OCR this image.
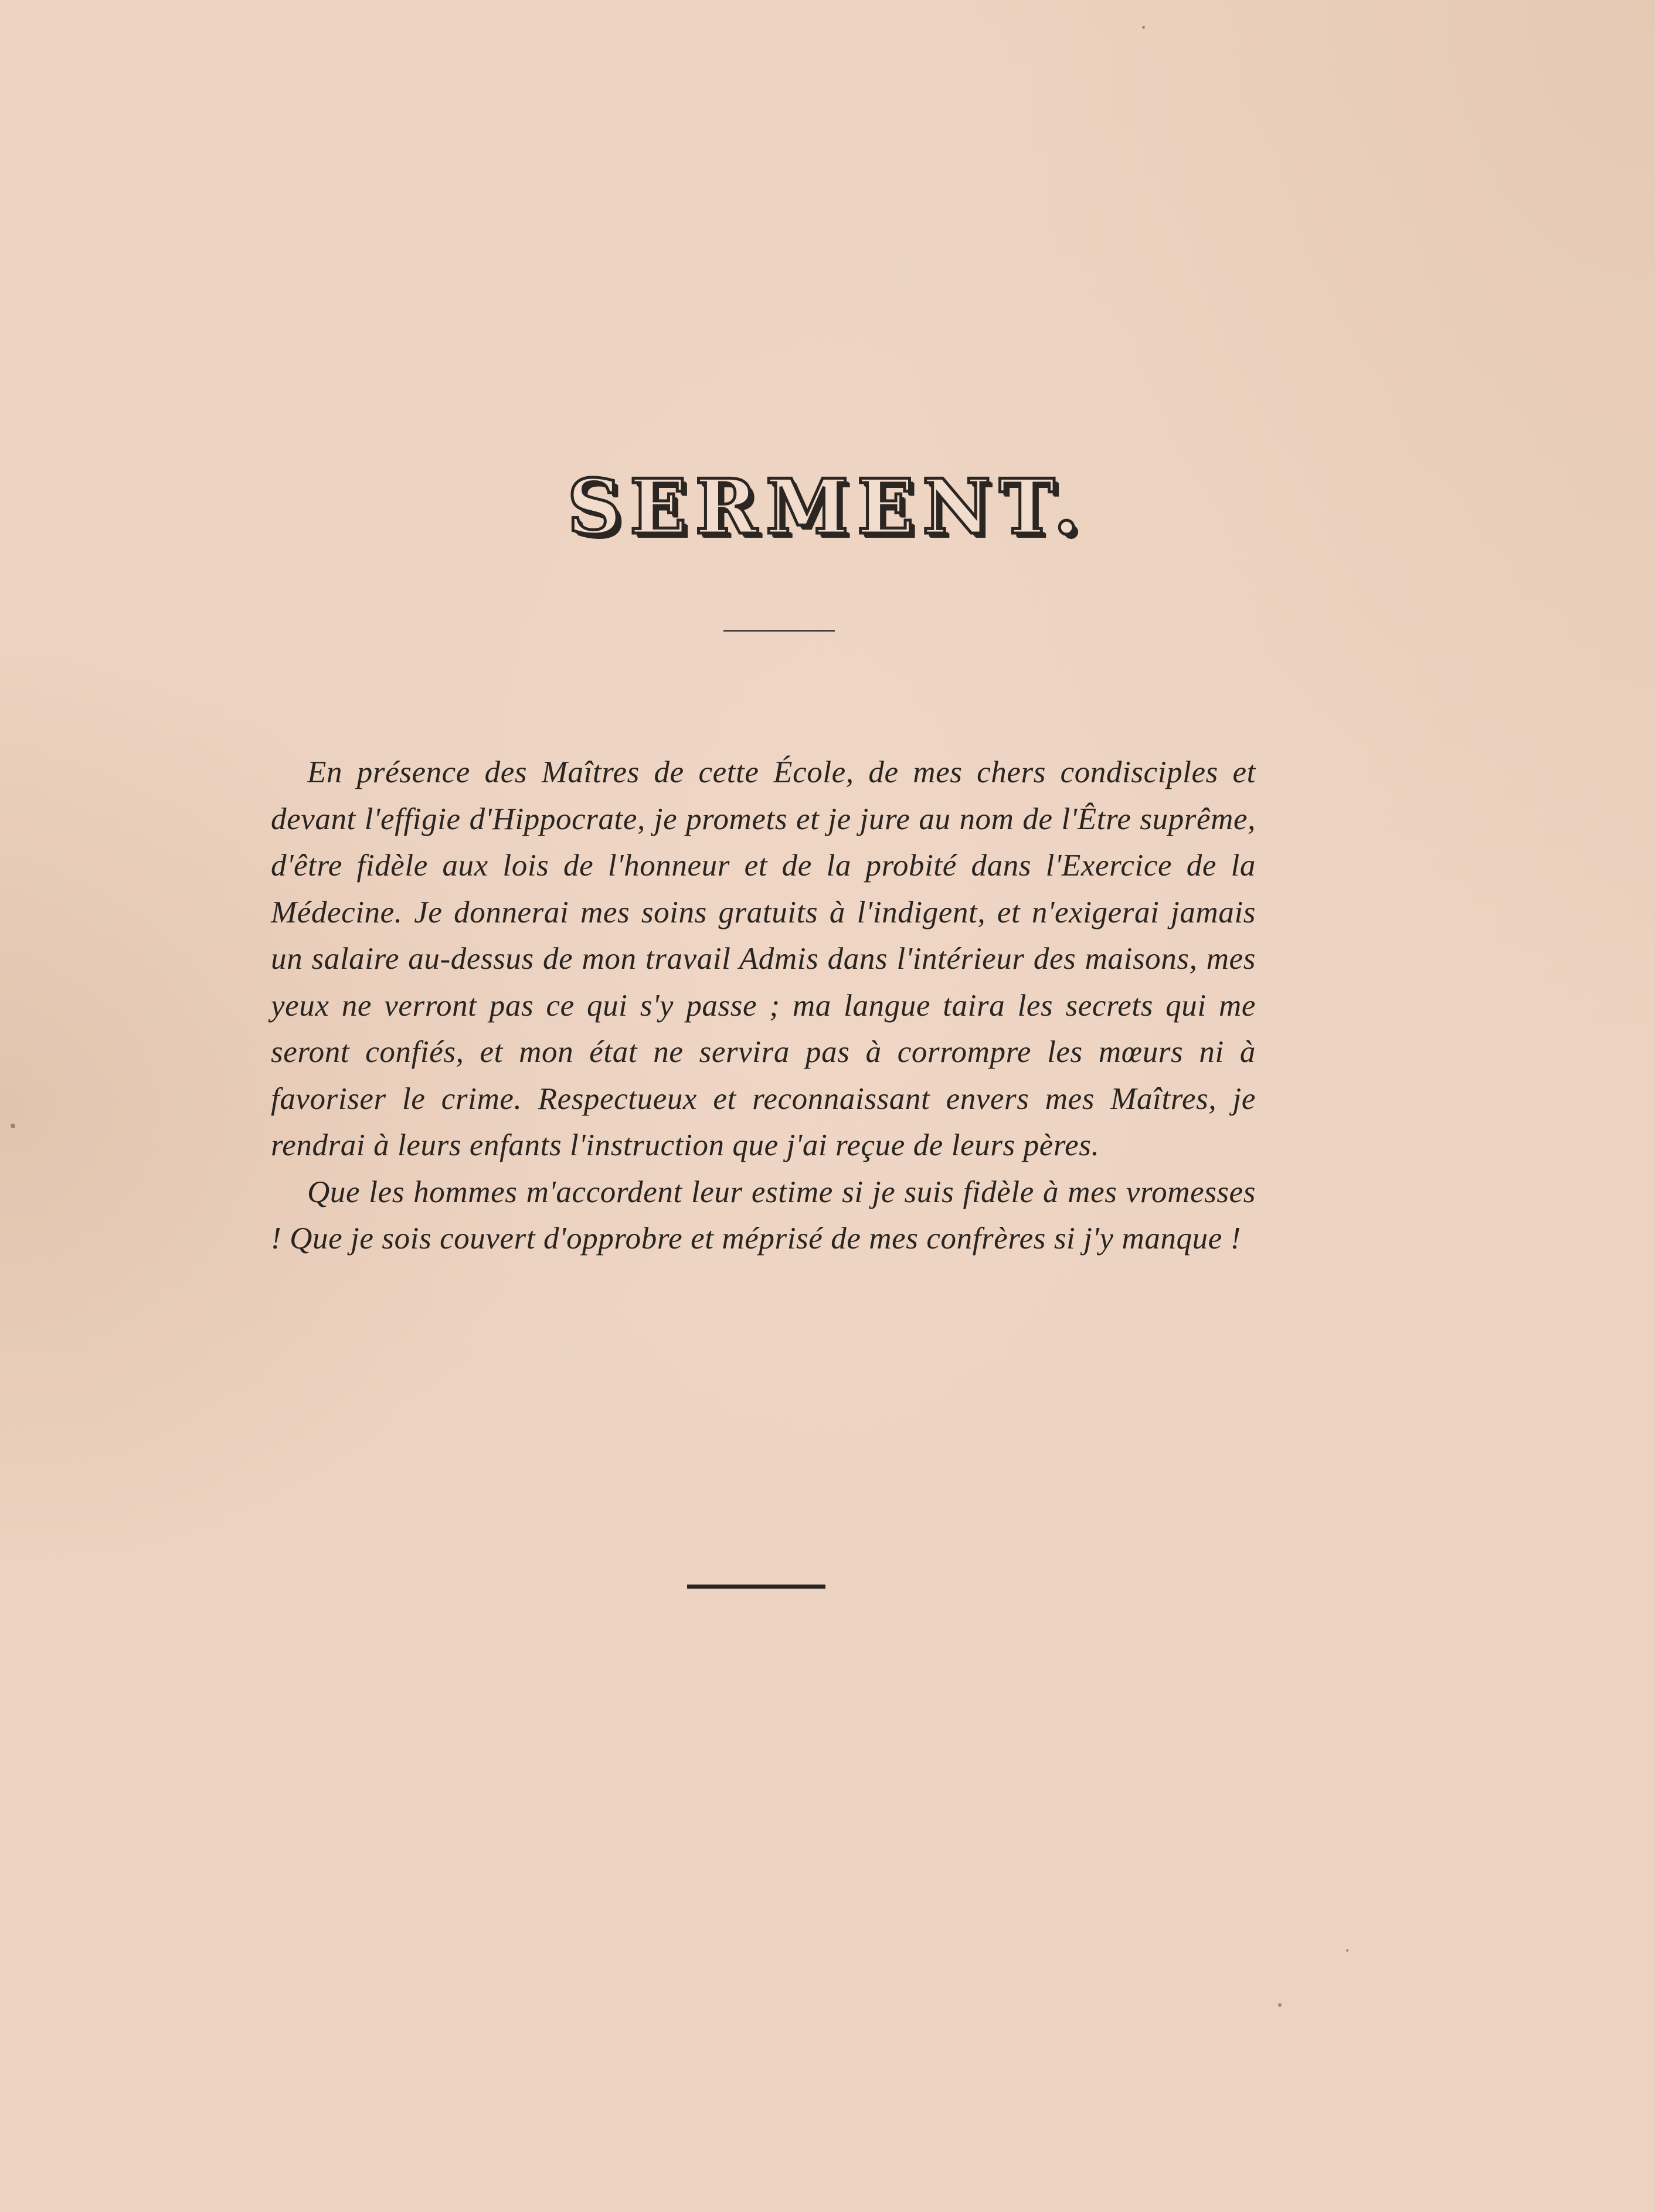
SERMENT.

En présence des Maîtres de cette École, de mes chers condisciples et devant l'effigie d'Hippocrate, je promets et je jure au nom de l'Être suprême, d'être fidèle aux lois de l'honneur et de la probité dans l'Exercice de la Médecine. Je donnerai mes soins gratuits à l'indigent, et n'exigerai jamais un salaire au-dessus de mon travail Admis dans l'intérieur des maisons, mes yeux ne verront pas ce qui s'y passe ; ma langue taira les secrets qui me seront confiés, et mon état ne servira pas à corrompre les mœurs ni à favoriser le crime. Respectueux et reconnaissant envers mes Maîtres, je rendrai à leurs enfants l'instruction que j'ai reçue de leurs pères.

Que les hommes m'accordent leur estime si je suis fidèle à mes vromesses ! Que je sois couvert d'opprobre et méprisé de mes confrères si j'y manque !
